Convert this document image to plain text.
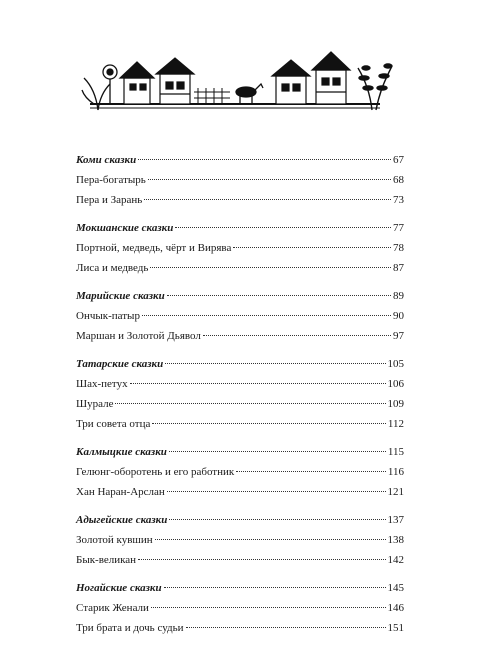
Коми сказки	67
Пера-богатырь	68
Пера и Зарань	73
Мокшанские сказки	77
Портной, медведь, чёрт и Вирява	78
Лиса и медведь	87
Марийские сказки	89
Ончык-патыр	90
Маршан и Золотой Дьявол	97
Татарские сказки	105
Шах-петух	106
Шурале	109
Три совета отца	112
Калмыцкие сказки	115
Гелюнг-оборотень и его работник	116
Хан Наран-Арслан	121
Адыгейские сказки	137
Золотой кувшин	138
Бык-великан	142
Ногайские сказки	145
Старик Женали	146
Три брата и дочь судьи	151
